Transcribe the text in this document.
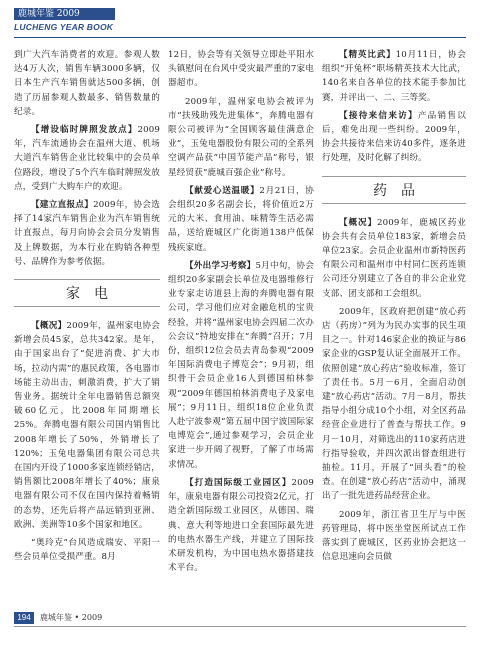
鹿城年鉴 2009
LUCHENG YEAR BOOK

到广大汽车消费者的欢迎。参观人数达4万人次，销售车辆3000多辆，仅日本生产汽车销售就达500多辆，创造了历届参观人数最多、销售数量的纪录。

【增设临时牌照发放点】2009年，汽车流通协会在温州大道、机场大道汽车销售企业比较集中的会员单位路段，增设了5个汽车临时牌照发放点，受到广大购车户的欢迎。

【建立直报点】2009年，协会选择了14家汽车销售企业为汽车销售统计直报点，每月向协会会员分发销售及上牌数据，为本行业在购销各种型号、品牌作为参考依据。

家电

【概况】2009年，温州家电协会新增会员45家，总共342家。是年，由于国家出台了“促进消费、扩大市场，拉动内需”的惠民政策，各电器市场能主动出击，刺激消费，扩大了销售业务。据统计全年电器销售总额突破60亿元，比2008年同期增长25%。奔腾电器有限公司国内销售比2008年增长了50%，外销增长了120%；玉兔电器集团有限公司总共在国内开设了1000多家连锁经销店，销售额比2008年增长了40%；康泉电器有限公司不仅在国内保持着畅销的态势，还先后将产品远销到亚洲、欧洲、美洲等10多个国家和地区。

“奥玲克”台风造成瑞安、平阳一些会员单位受损严重。8月

12日，协会等有关领导立即赴平阳水头镇慰问在台风中受灾最严重的7家电器超市。

2009年，温州家电协会被评为市“扶残助残先进集体”，奔腾电器有限公司被评为“全国顾客最佳满意企业”，玉兔电器股份有限公司的全系列空调产品获“中国节能产品”称号，银星经贸获“鹿城百强企业”称号。

【献爱心送温暖】2月21日，协会组织20多名副会长，将价值近2万元的大米、食用油、味精等生活必需品，送给鹿城区广化街道138户低保残疾家庭。

【外出学习考察】5月中旬，协会组织20多家副会长单位及电器维修行业专家走访道县上海的奔腾电器有限公司，学习他们应对金融危机的宝贵经验，并将“温州家电协会四届二次办公会议”特地安排在“奔腾”召开；7月份，组织12位会员去青岛参观“2009年国际消费电子博览会”；9月初，组织骨干会员企业16人到德国柏林参观“2009年德国柏林消费电子及家电展”；9月11日，组织18位企业负责人赴宁波参观“第五届中国宁波国际家电博览会”,通过参观学习，会员企业家进一步开阔了视野，了解了市场需求情况。

【打造国际级工业园区】2009年，康泉电器有限公司投资2亿元，打造全新国际级工业园区，从德国、瑞典、意大利等地进口全套国际最先进的电热水器生产线，并建立了国际技术研发机构，为中国电热水器搭建技术平台。

【精英比武】10月11日，协会组织“开兔杯”职场精英技术大比武，140名来自各单位的技术能手参加比赛，并评出一、二、三等奖。

【接待来信来访】产品销售以后，难免出现一些纠纷。2009年，协会共接待来信来访40多件，逐条进行处理，及时化解了纠纷。

药品

【概况】2009年，鹿城区药业协会共有会员单位183家，新增会员单位23家。会员企业温州市新特医药有限公司和温州市中村同仁医药连锁公司还分别建立了各自的非公企业党支部、团支部和工会组织。

2009年，区政府把创建“放心药店（药房）”列为为民办实事的民生项目之一。针对146家企业的换证与86家企业的GSP复认证全面展开工作。依照创建“放心药店”验收标准，签订了责任书。5月－6月，全面启动创建“放心药店”活动。7月－8月，帮扶指导小组分成10个小组，对全区药品经营企业进行了普查与帮扶工作。9月－10月，对筛选出的110家药店进行指导验收，并四次派出督查组进行抽检。11月，开展了“回头看”的检查。在创建“放心药店”活动中，涌现出了一批先进药品经营企业。

2009年，浙江省卫生厅与中医药管理局，将中医坐堂医所试点工作落实到了鹿城区，区药业协会把这一信息迅速向会员做

194	鹿城年鉴 • 2009
